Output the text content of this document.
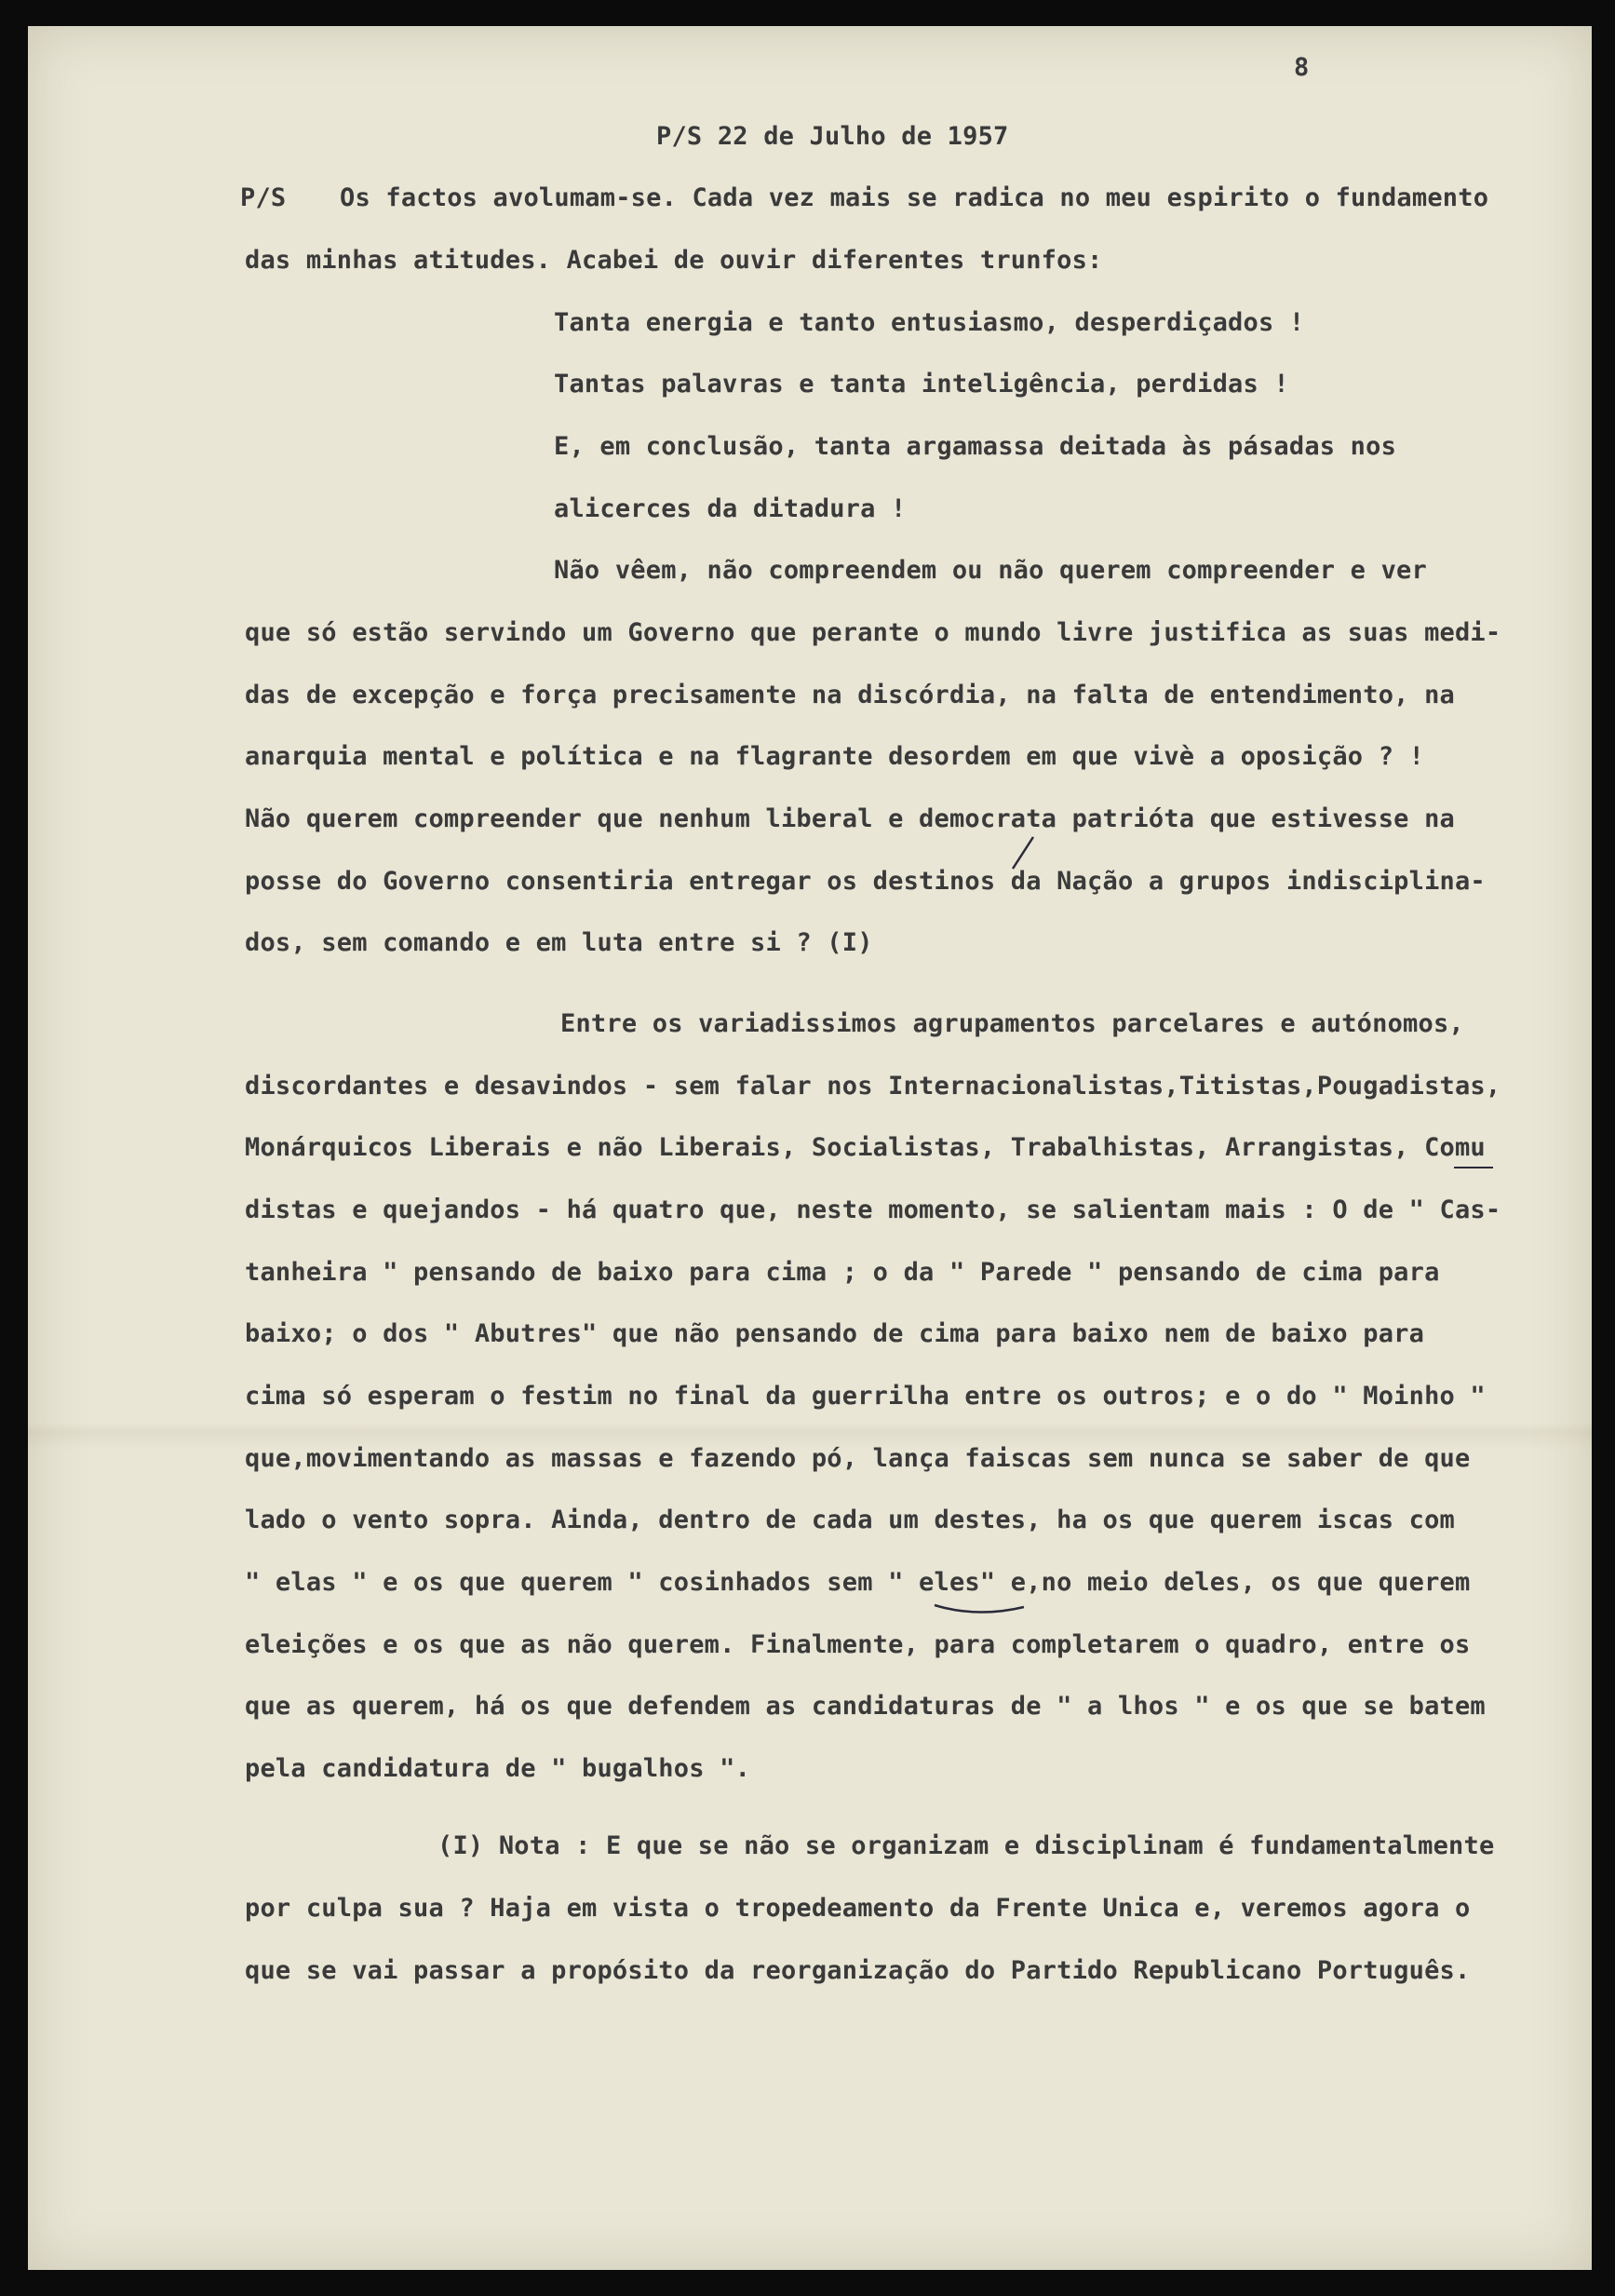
8
P/S 22 de Julho de 1957
P/S Os factos avolumam-se. Cada vez mais se radica no meu espirito o fundamento
das minhas atitudes. Acabei de ouvir diferentes trunfos:
Tanta energia e tanto entusiasmo, desperdiçados !
Tantas palavras e tanta inteligência, perdidas !
E, em conclusão, tanta argamassa deitada às pásadas nos
alicerces da ditadura !
Não vêem, não compreendem ou não querem compreender e ver
que só estão servindo um Governo que perante o mundo livre justifica as suas medi-
das de excepção e força precisamente na discórdia, na falta de entendimento, na
anarquia mental e política e na flagrante desordem em que vivè a oposição ? !
Não querem compreender que nenhum liberal e democrata patrióta que estivesse na
posse do Governo consentiria entregar os destinos da Nação a grupos indisciplina-
dos, sem comando e em luta entre si ? (I)
Entre os variadissimos agrupamentos parcelares e autónomos,
discordantes e desavindos - sem falar nos Internacionalistas,Titistas,Pougadistas,
Monárquicos Liberais e não Liberais, Socialistas, Trabalhistas, Arrangistas, Comu
distas e quejandos - há quatro que, neste momento, se salientam mais : O de " Cas-
tanheira " pensando de baixo para cima ; o da " Parede " pensando de cima para
baixo; o dos " Abutres" que não pensando de cima para baixo nem de baixo para
cima só esperam o festim no final da guerrilha entre os outros; e o do " Moinho "
que,movimentando as massas e fazendo pó, lança faiscas sem nunca se saber de que
lado o vento sopra. Ainda, dentro de cada um destes, ha os que querem iscas com
" elas " e os que querem " cosinhados sem " eles" e,no meio deles, os que querem
eleições e os que as não querem. Finalmente, para completarem o quadro, entre os
que as querem, há os que defendem as candidaturas de " a lhos " e os que se batem
pela candidatura de " bugalhos ".
(I) Nota : E que se não se organizam e disciplinam é fundamentalmente
por culpa sua ? Haja em vista o tropedeamento da Frente Unica e, veremos agora o
que se vai passar a propósito da reorganização do Partido Republicano Português.
